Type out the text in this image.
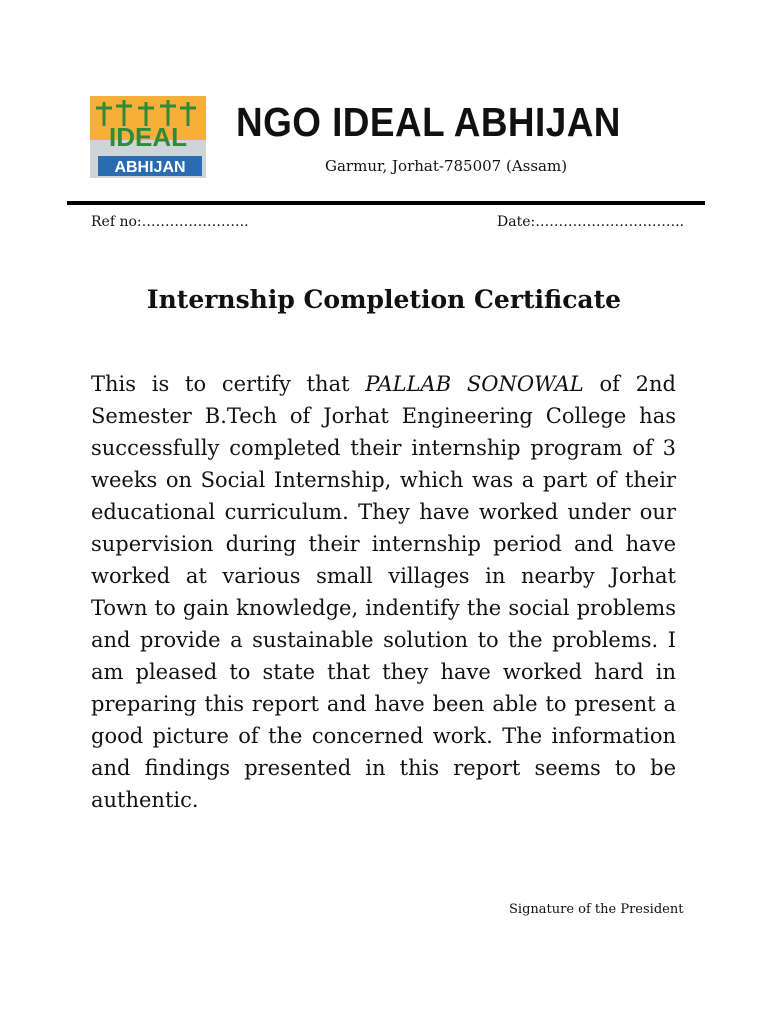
IDEAL
ABHIJAN
NGO IDEAL ABHIJAN
Garmur, Jorhat-785007 (Assam)
Ref no:…………………..	Date:…………………………..
Internship Completion Certificate

This is to certify that PALLAB SONOWAL of 2nd Semester B.Tech of Jorhat Engineering College has successfully completed their internship program of 3 weeks on Social Internship, which was a part of their educational curriculum. They have worked under our supervision during their internship period and have worked at various small villages in nearby Jorhat Town to gain knowledge, indentify the social problems and provide a sustainable solution to the problems. I am pleased to state that they have worked hard in preparing this report and have been able to present a good picture of the concerned work. The information and findings presented in this report seems to be authentic.

Signature of the President
